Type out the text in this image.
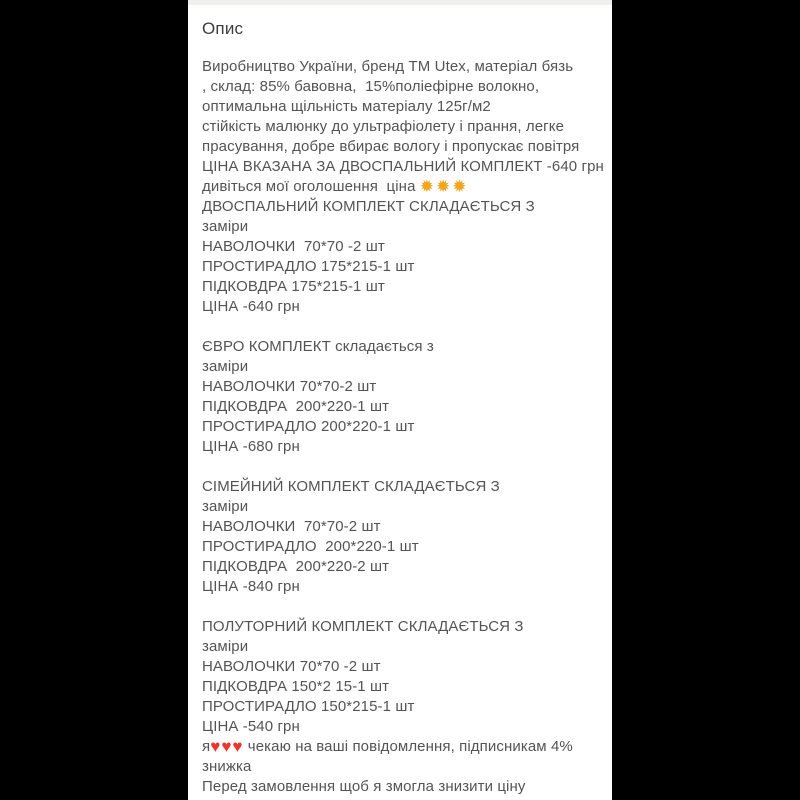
Опис

Виробництво України, бренд ТМ Utex, матеріал бязь

, склад: 85% бавовна,  15%поліефірне волокно,

оптимальна щільність матеріалу 125г/м2

стійкість малюнку до ультрафіолету і прання, легке

прасування, добре вбирає вологу і пропускає повітря

ЦІНА ВКАЗАНА ЗА ДВОСПАЛЬНИЙ КОМПЛЕКТ -640 грн

дивіться мої оголошення  ціна ✹✹✹

ДВОСПАЛЬНИЙ КОМПЛЕКТ СКЛАДАЄТЬСЯ З

заміри

НАВОЛОЧКИ  70*70 -2 шт

ПРОСТИРАДЛО 175*215-1 шт

ПІДКОВДРА 175*215-1 шт

ЦІНА -640 грн

ЄВРО КОМПЛЕКТ складається з

заміри

НАВОЛОЧКИ 70*70-2 шт

ПІДКОВДРА  200*220-1 шт

ПРОСТИРАДЛО 200*220-1 шт

ЦІНА -680 грн

СІМЕЙНИЙ КОМПЛЕКТ СКЛАДАЄТЬСЯ З

заміри

НАВОЛОЧКИ  70*70-2 шт

ПРОСТИРАДЛО  200*220-1 шт

ПІДКОВДРА  200*220-2 шт

ЦІНА -840 грн

ПОЛУТОРНИЙ КОМПЛЕКТ СКЛАДАЄТЬСЯ З

заміри

НАВОЛОЧКИ 70*70 -2 шт

ПІДКОВДРА 150*2 15-1 шт

ПРОСТИРАДЛО 150*215-1 шт

ЦІНА -540 грн

я♥♥♥ чекаю на ваші повідомлення, підписникам 4%

знижка

Перед замовлення щоб я змогла знизити ціну
